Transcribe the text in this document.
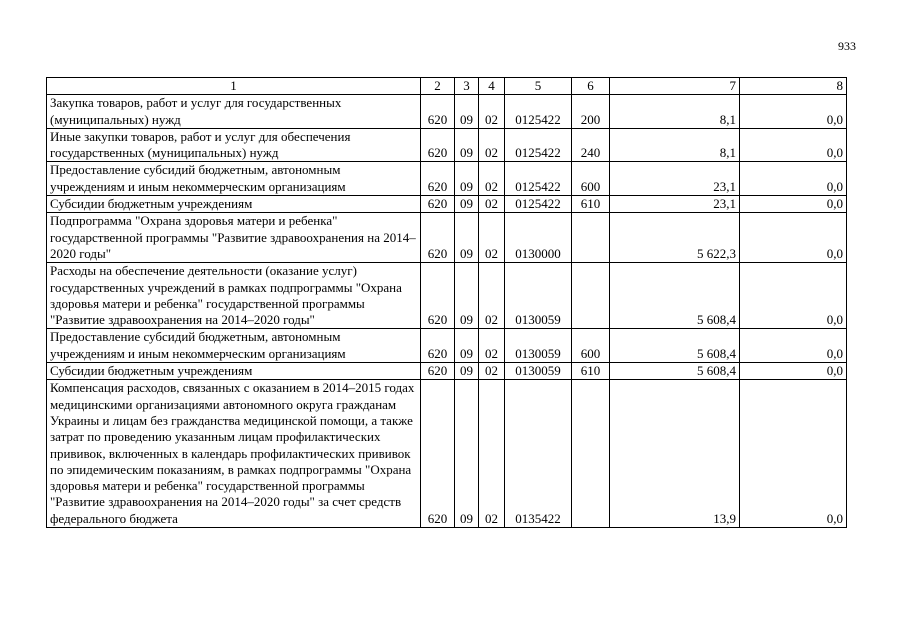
933
1	2	3	4	5	6	7	8
Закупка товаров, работ и услуг для государственных (муниципальных) нужд	620	09	02	0125422	200	8,1	0,0
Иные закупки товаров, работ и услуг для обеспечения государственных (муниципальных) нужд	620	09	02	0125422	240	8,1	0,0
Предоставление субсидий бюджетным, автономным учреждениям и иным некоммерческим организациям	620	09	02	0125422	600	23,1	0,0
Субсидии бюджетным учреждениям	620	09	02	0125422	610	23,1	0,0
Подпрограмма "Охрана здоровья матери и ребенка" государственной программы "Развитие здравоохранения на 2014–2020 годы"	620	09	02	0130000		5 622,3	0,0
Расходы на обеспечение деятельности (оказание услуг) государственных учреждений в рамках подпрограммы "Охрана здоровья матери и ребенка" государственной программы "Развитие здравоохранения на 2014–2020 годы"	620	09	02	0130059		5 608,4	0,0
Предоставление субсидий бюджетным, автономным учреждениям и иным некоммерческим организациям	620	09	02	0130059	600	5 608,4	0,0
Субсидии бюджетным учреждениям	620	09	02	0130059	610	5 608,4	0,0
Компенсация расходов, связанных с оказанием в 2014–2015 годах медицинскими организациями автономного округа гражданам Украины и лицам без гражданства медицинской помощи, а также затрат по проведению указанным лицам профилактических прививок, включенных в календарь профилактических прививок по эпидемическим показаниям, в рамках подпрограммы "Охрана здоровья матери и ребенка" государственной программы "Развитие здравоохранения на 2014–2020 годы" за счет средств федерального бюджета	620	09	02	0135422		13,9	0,0
